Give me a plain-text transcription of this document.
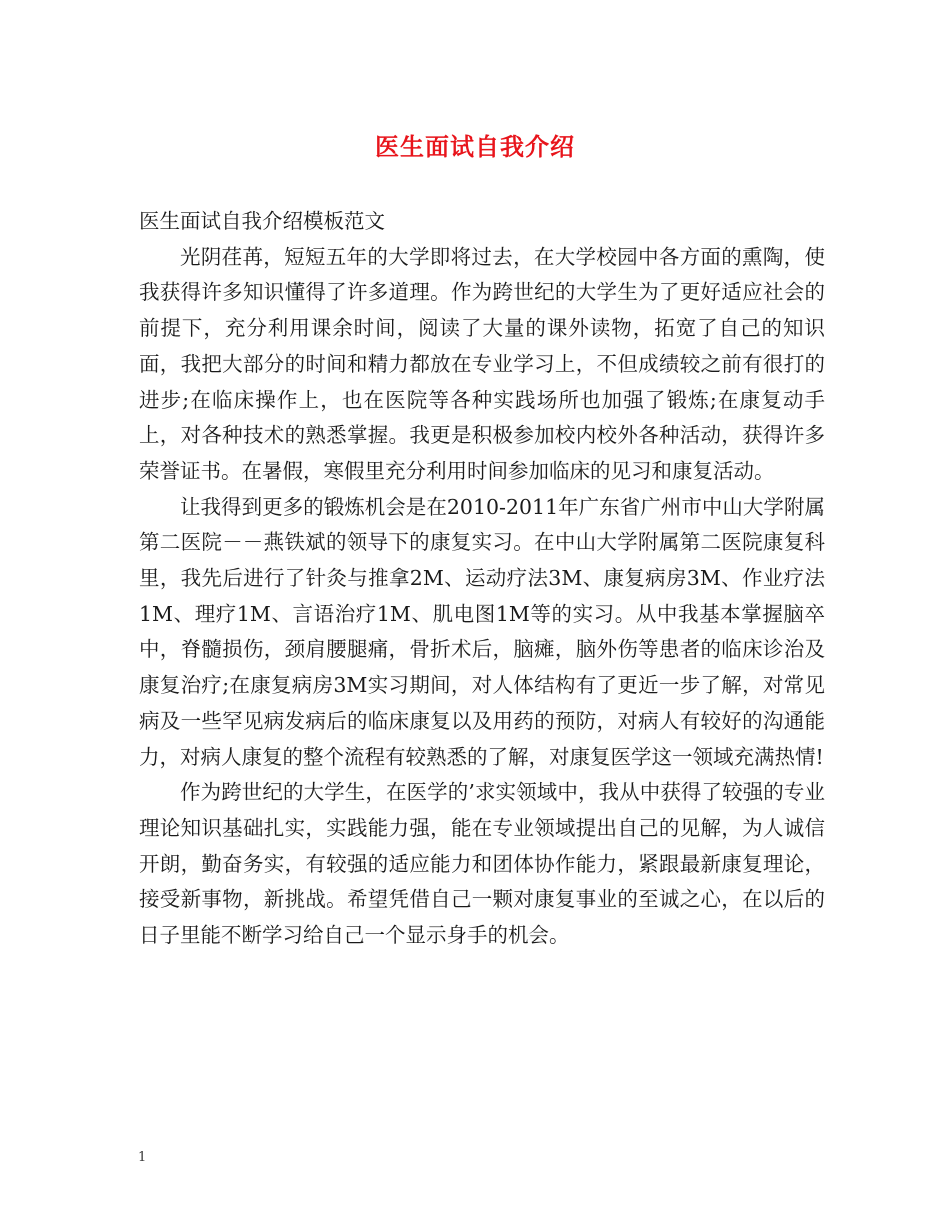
医生面试自我介绍

医生面试自我介绍模板范文

光阴荏苒，短短五年的大学即将过去，在大学校园中各方面的熏陶，使我获得许多知识懂得了许多道理。作为跨世纪的大学生为了更好适应社会的前提下，充分利用课余时间，阅读了大量的课外读物，拓宽了自己的知识面，我把大部分的时间和精力都放在专业学习上，不但成绩较之前有很打的进步;在临床操作上，也在医院等各种实践场所也加强了锻炼;在康复动手上，对各种技术的熟悉掌握。我更是积极参加校内校外各种活动，获得许多荣誉证书。在暑假，寒假里充分利用时间参加临床的见习和康复活动。

让我得到更多的锻炼机会是在2010-2011年广东省广州市中山大学附属第二医院－－燕铁斌的领导下的康复实习。在中山大学附属第二医院康复科里，我先后进行了针灸与推拿2M、运动疗法3M、康复病房3M、作业疗法1M、理疗1M、言语治疗1M、肌电图1M等的实习。从中我基本掌握脑卒中，脊髓损伤，颈肩腰腿痛，骨折术后，脑瘫，脑外伤等患者的临床诊治及康复治疗;在康复病房3M实习期间，对人体结构有了更近一步了解，对常见病及一些罕见病发病后的临床康复以及用药的预防，对病人有较好的沟通能力，对病人康复的整个流程有较熟悉的了解，对康复医学这一领域充满热情!

作为跨世纪的大学生，在医学的’求实领域中，我从中获得了较强的专业理论知识基础扎实，实践能力强，能在专业领域提出自己的见解，为人诚信开朗，勤奋务实，有较强的适应能力和团体协作能力，紧跟最新康复理论，接受新事物，新挑战。希望凭借自己一颗对康复事业的至诚之心，在以后的日子里能不断学习给自己一个显示身手的机会。

1
